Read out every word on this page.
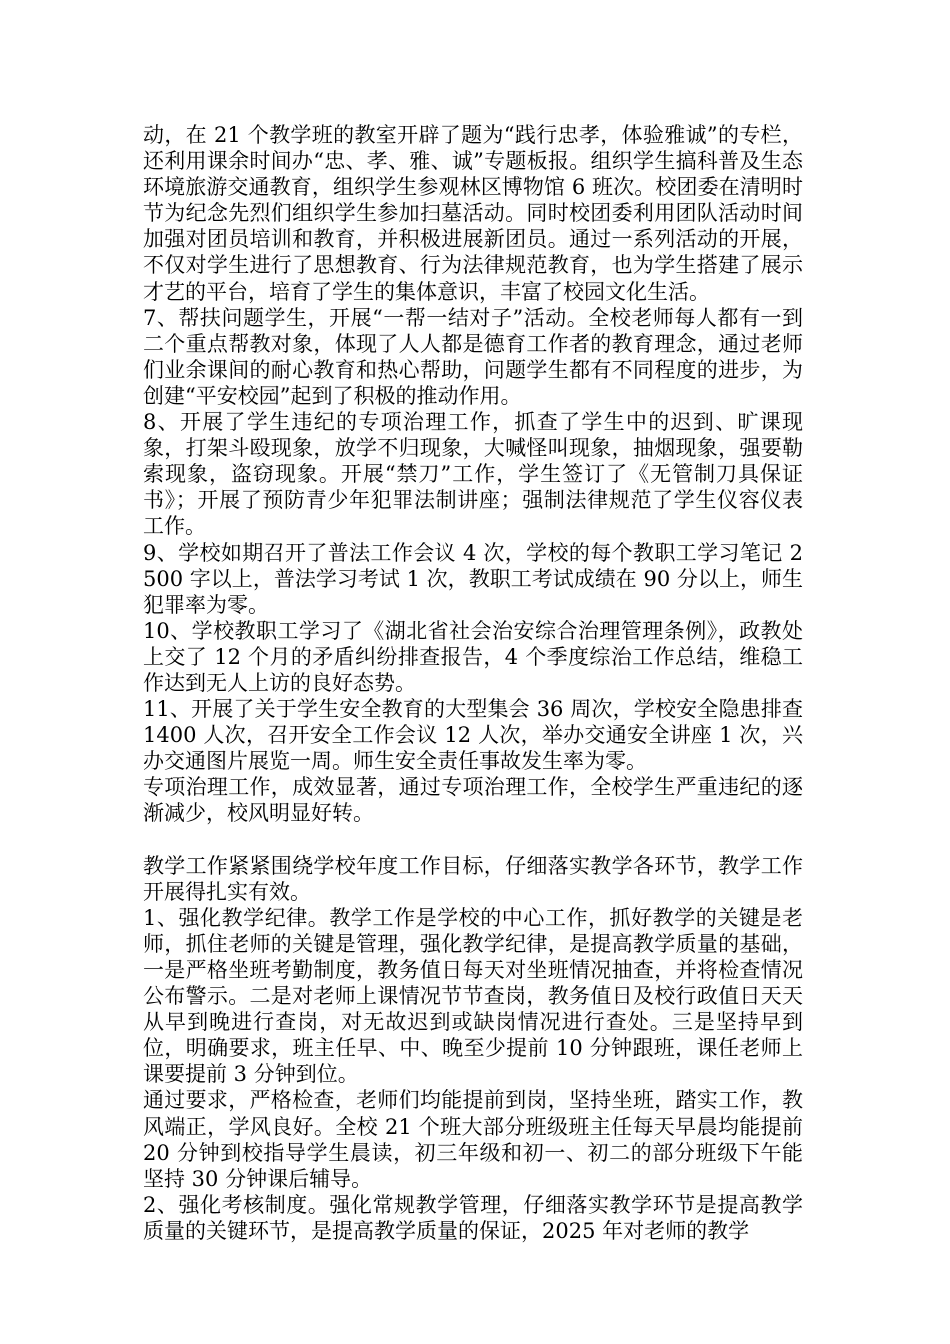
动，在 21 个教学班的教室开辟了题为“践行忠孝，体验雅诚”的专栏，还利用课余时间办“忠、孝、雅、诚”专题板报。组织学生搞科普及生态环境旅游交通教育，组织学生参观林区博物馆 6 班次。校团委在清明时节为纪念先烈们组织学生参加扫墓活动。同时校团委利用团队活动时间加强对团员培训和教育，并积极进展新团员。通过一系列活动的开展，不仅对学生进行了思想教育、行为法律规范教育，也为学生搭建了展示才艺的平台，培育了学生的集体意识，丰富了校园文化生活。

7、帮扶问题学生，开展“一帮一结对子”活动。全校老师每人都有一到二个重点帮教对象，体现了人人都是德育工作者的教育理念，通过老师们业余课间的耐心教育和热心帮助，问题学生都有不同程度的进步，为创建“平安校园”起到了积极的推动作用。

8、开展了学生违纪的专项治理工作，抓查了学生中的迟到、旷课现象，打架斗殴现象，放学不归现象，大喊怪叫现象，抽烟现象，强要勒索现象，盗窃现象。开展“禁刀”工作，学生签订了《无管制刀具保证书》；开展了预防青少年犯罪法制讲座；强制法律规范了学生仪容仪表工作。

9、学校如期召开了普法工作会议 4 次，学校的每个教职工学习笔记 2500 字以上，普法学习考试 1 次，教职工考试成绩在 90 分以上，师生犯罪率为零。

10、学校教职工学习了《湖北省社会治安综合治理管理条例》，政教处上交了 12 个月的矛盾纠纷排查报告，4 个季度综治工作总结，维稳工作达到无人上访的良好态势。

11、开展了关于学生安全教育的大型集会 36 周次，学校安全隐患排查 1400 人次，召开安全工作会议 12 人次，举办交通安全讲座 1 次，兴办交通图片展览一周。师生安全责任事故发生率为零。

专项治理工作，成效显著，通过专项治理工作，全校学生严重违纪的逐渐减少，校风明显好转。

教学工作紧紧围绕学校年度工作目标，仔细落实教学各环节，教学工作开展得扎实有效。

1、强化教学纪律。教学工作是学校的中心工作，抓好教学的关键是老师，抓住老师的关键是管理，强化教学纪律，是提高教学质量的基础，一是严格坐班考勤制度，教务值日每天对坐班情况抽查，并将检查情况公布警示。二是对老师上课情况节节查岗，教务值日及校行政值日天天从早到晚进行查岗，对无故迟到或缺岗情况进行查处。三是坚持早到位，明确要求，班主任早、中、晚至少提前 10 分钟跟班，课任老师上课要提前 3 分钟到位。

通过要求，严格检查，老师们均能提前到岗，坚持坐班，踏实工作，教风端正，学风良好。全校 21 个班大部分班级班主任每天早晨均能提前 20 分钟到校指导学生晨读，初三年级和初一、初二的部分班级下午能坚持 30 分钟课后辅导。

2、强化考核制度。强化常规教学管理，仔细落实教学环节是提高教学质量的关键环节，是提高教学质量的保证，2025 年对老师的教学
